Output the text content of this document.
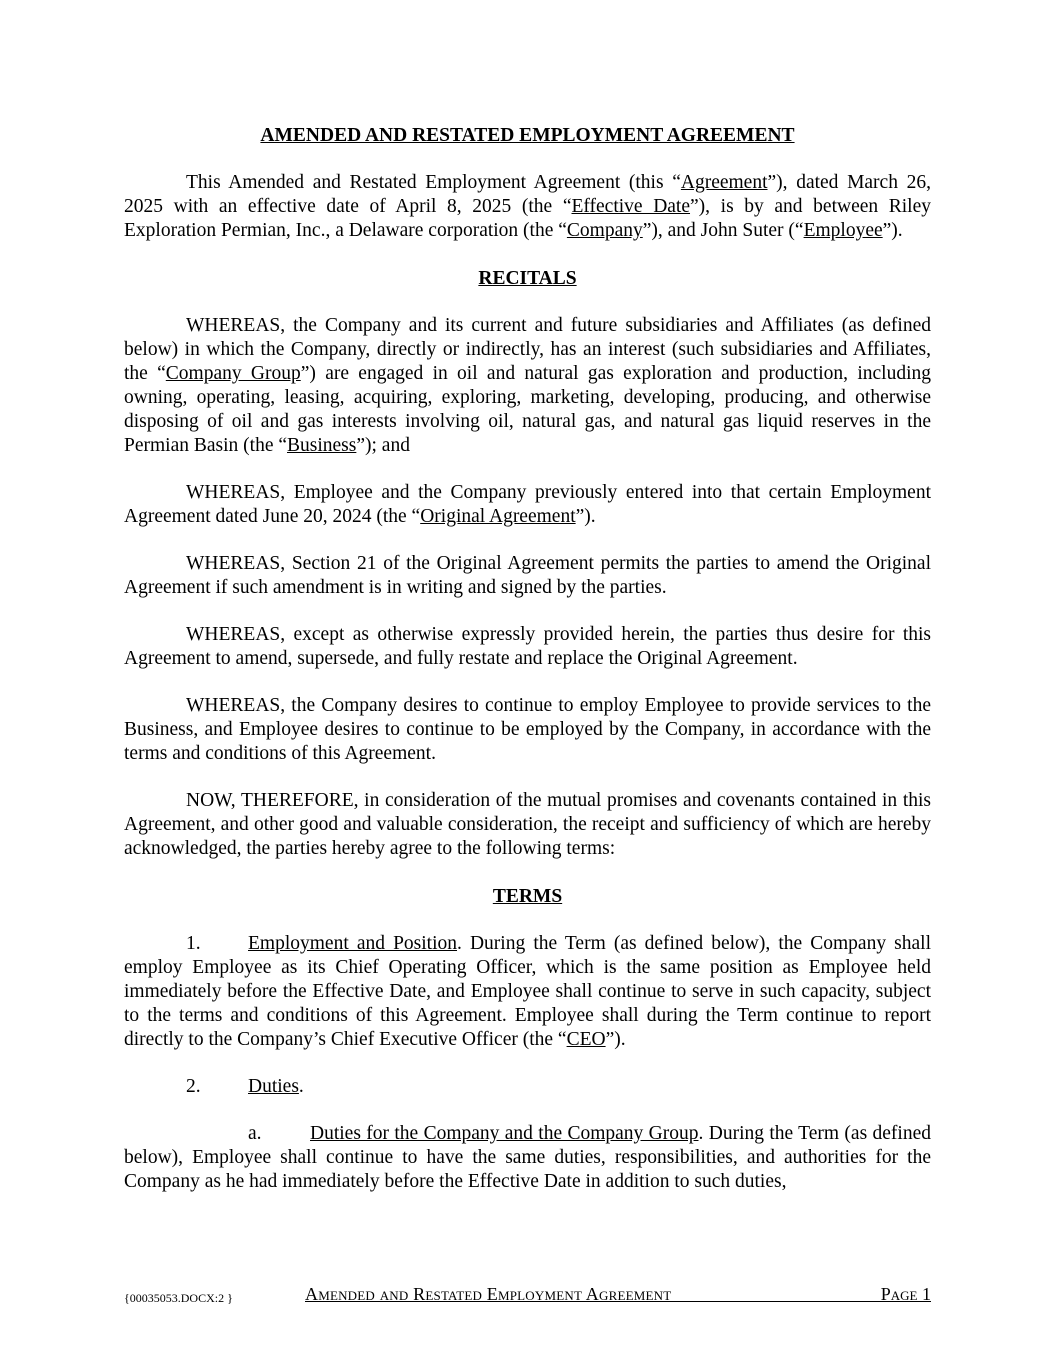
AMENDED AND RESTATED EMPLOYMENT AGREEMENT

This Amended and Restated Employment Agreement (this “Agreement”), dated March 26, 2025 with an effective date of April 8, 2025 (the “Effective Date”), is by and between Riley Exploration Permian, Inc., a Delaware corporation (the “Company”), and John Suter (“Employee”).

RECITALS

WHEREAS, the Company and its current and future subsidiaries and Affiliates (as defined below) in which the Company, directly or indirectly, has an interest (such subsidiaries and Affiliates, the “Company Group”) are engaged in oil and natural gas exploration and production, including owning, operating, leasing, acquiring, exploring, marketing, developing, producing, and otherwise disposing of oil and gas interests involving oil, natural gas, and natural gas liquid reserves in the Permian Basin (the “Business”); and

WHEREAS, Employee and the Company previously entered into that certain Employment Agreement dated June 20, 2024 (the “Original Agreement”).

WHEREAS, Section 21 of the Original Agreement permits the parties to amend the Original Agreement if such amendment is in writing and signed by the parties.

WHEREAS, except as otherwise expressly provided herein, the parties thus desire for this Agreement to amend, supersede, and fully restate and replace the Original Agreement.

WHEREAS, the Company desires to continue to employ Employee to provide services to the Business, and Employee desires to continue to be employed by the Company, in accordance with the terms and conditions of this Agreement.

NOW, THEREFORE, in consideration of the mutual promises and covenants contained in this Agreement, and other good and valuable consideration, the receipt and sufficiency of which are hereby acknowledged, the parties hereby agree to the following terms:

TERMS

1. Employment and Position. During the Term (as defined below), the Company shall employ Employee as its Chief Operating Officer, which is the same position as Employee held immediately before the Effective Date, and Employee shall continue to serve in such capacity, subject to the terms and conditions of this Agreement. Employee shall during the Term continue to report directly to the Company’s Chief Executive Officer (the “CEO”).

2. Duties.

a. Duties for the Company and the Company Group. During the Term (as defined below), Employee shall continue to have the same duties, responsibilities, and authorities for the Company as he had immediately before the Effective Date in addition to such duties,

{00035053.DOCX:2 }	Amended and Restated Employment Agreement	Page 1
